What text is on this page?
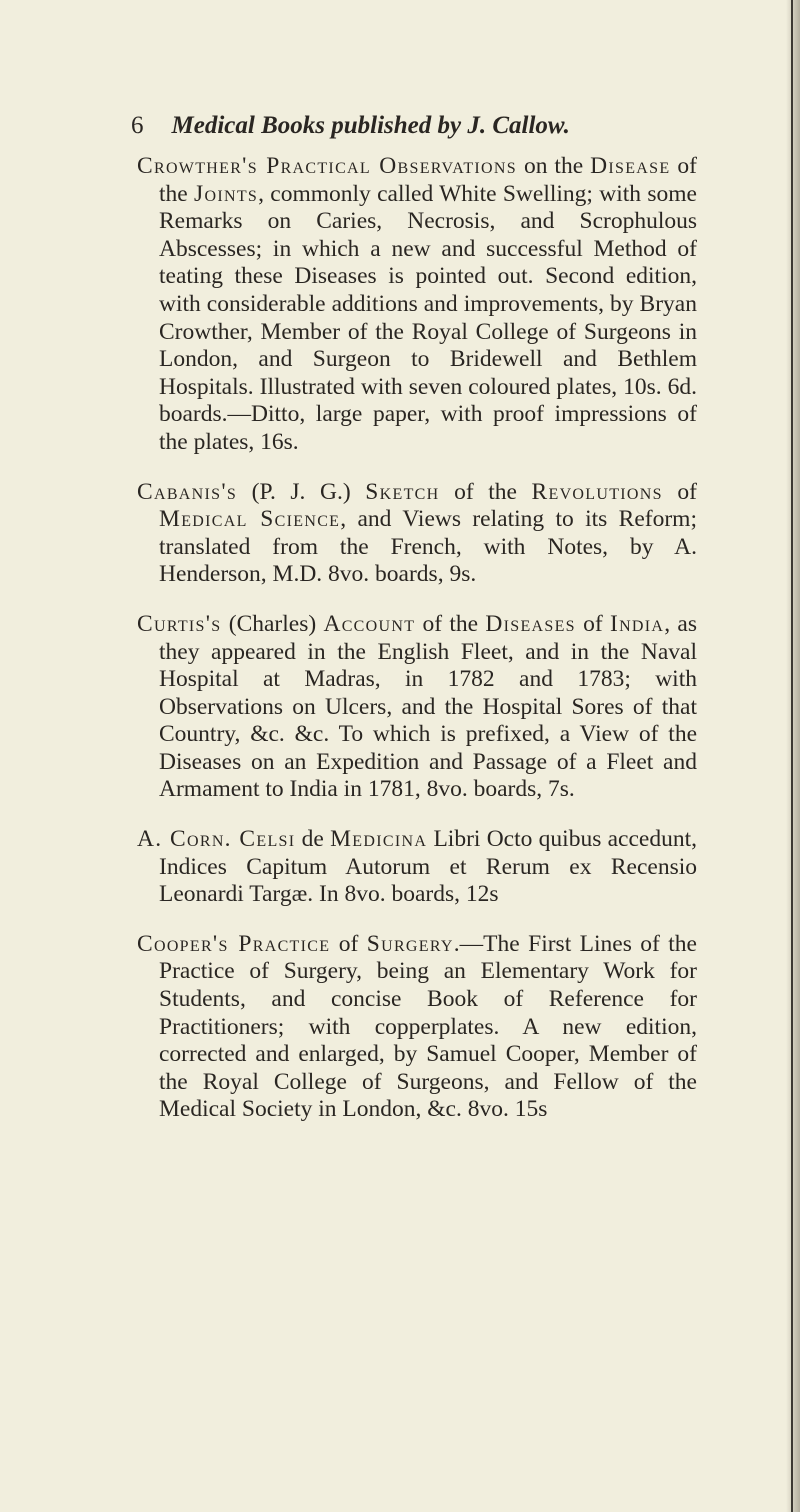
6 Medical Books published by J. Callow.

Crowther's Practical Observations on the Disease of the Joints, commonly called White Swelling; with some Remarks on Caries, Necrosis, and Scrophulous Abscesses; in which a new and successful Method of teating these Diseases is pointed out. Second edition, with considerable additions and improvements, by Bryan Crowther, Member of the Royal College of Surgeons in London, and Surgeon to Bridewell and Bethlem Hospitals. Illustrated with seven coloured plates, 10s. 6d. boards.—Ditto, large paper, with proof impressions of the plates, 16s.

Cabanis's (P. J. G.) Sketch of the Revolutions of Medical Science, and Views relating to its Reform; translated from the French, with Notes, by A. Henderson, M.D. 8vo. boards, 9s.

Curtis's (Charles) Account of the Diseases of India, as they appeared in the English Fleet, and in the Naval Hospital at Madras, in 1782 and 1783; with Observations on Ulcers, and the Hospital Sores of that Country, &c. &c. To which is prefixed, a View of the Diseases on an Expedition and Passage of a Fleet and Armament to India in 1781, 8vo. boards, 7s.

A. Corn. Celsi de Medicina Libri Octo quibus accedunt, Indices Capitum Autorum et Rerum ex Recensio Leonardi Targæ. In 8vo. boards, 12s

Cooper's Practice of Surgery.—The First Lines of the Practice of Surgery, being an Elementary Work for Students, and concise Book of Reference for Practitioners; with copperplates. A new edition, corrected and enlarged, by Samuel Cooper, Member of the Royal College of Surgeons, and Fellow of the Medical Society in London, &c. 8vo. 15s
